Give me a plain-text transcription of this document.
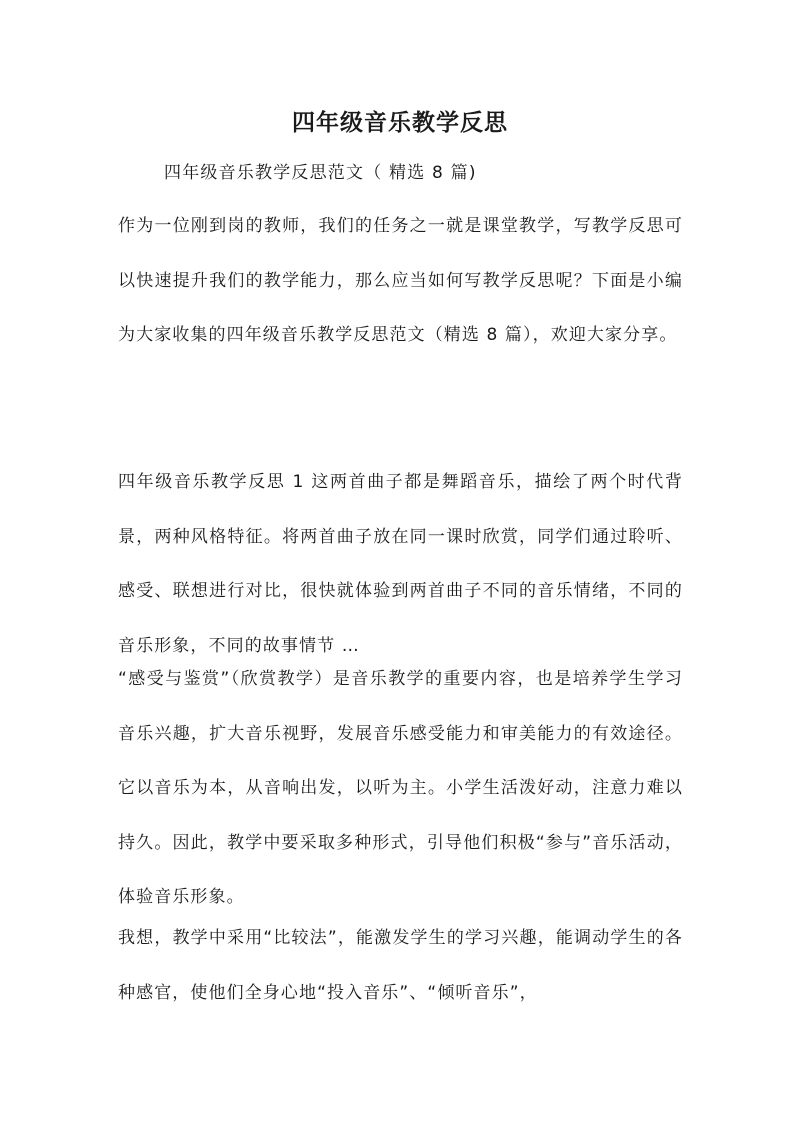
四年级音乐教学反思
四年级音乐教学反思范文（ 精选 8 篇)

作为一位刚到岗的教师，我们的任务之一就是课堂教学，写教学反思可以快速提升我们的教学能力，那么应当如何写教学反思呢？下面是小编为大家收集的四年级音乐教学反思范文（精选 8 篇），欢迎大家分享。

四年级音乐教学反思 1 这两首曲子都是舞蹈音乐，描绘了两个时代背景，两种风格特征。将两首曲子放在同一课时欣赏，同学们通过聆听、感受、联想进行对比，很快就体验到两首曲子不同的音乐情绪，不同的音乐形象，不同的故事情节 …

“感受与鉴赏”（欣赏教学）是音乐教学的重要内容，也是培养学生学习音乐兴趣，扩大音乐视野，发展音乐感受能力和审美能力的有效途径。它以音乐为本，从音响出发，以听为主。小学生活泼好动，注意力难以持久。因此，教学中要采取多种形式，引导他们积极“参与”音乐活动，体验音乐形象。

我想，教学中采用“比较法”，能激发学生的学习兴趣，能调动学生的各种感官，使他们全身心地“投入音乐”、“倾听音乐”，
